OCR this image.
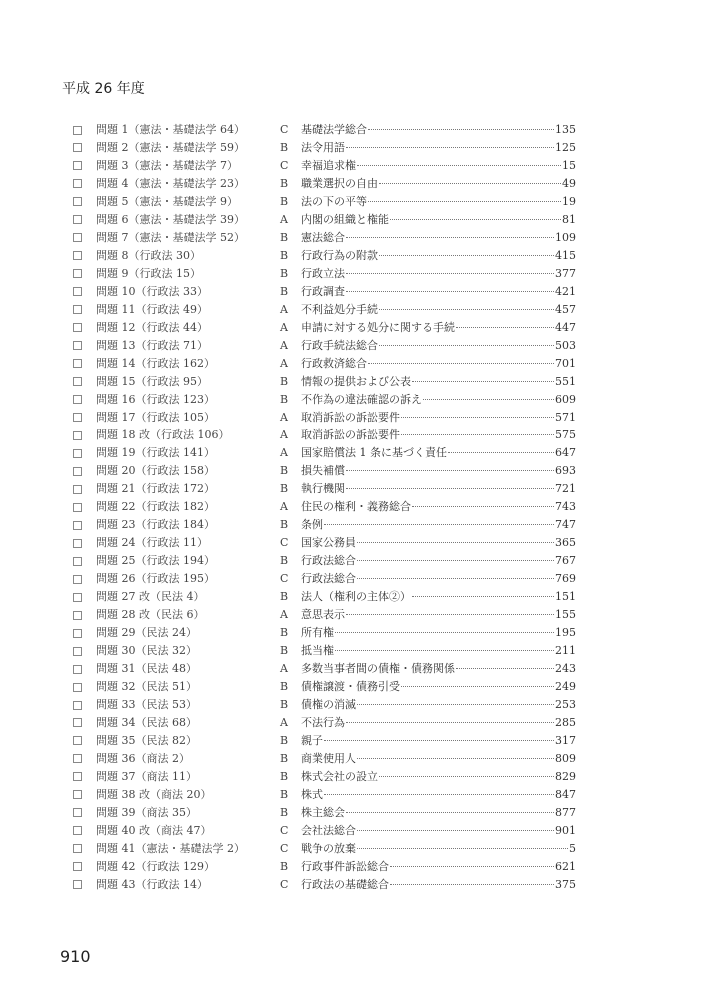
平成 26 年度
問題 1（憲法・基礎法学 64）	C 基礎法学総合	135
問題 2（憲法・基礎法学 59）	B 法令用語	125
問題 3（憲法・基礎法学 7）	C 幸福追求権	15
問題 4（憲法・基礎法学 23）	B 職業選択の自由	49
問題 5（憲法・基礎法学 9）	B 法の下の平等	19
問題 6（憲法・基礎法学 39）	A 内閣の組織と権能	81
問題 7（憲法・基礎法学 52）	B 憲法総合	109
問題 8（行政法 30）	B 行政行為の附款	415
問題 9（行政法 15）	B 行政立法	377
問題 10（行政法 33）	B 行政調査	421
問題 11（行政法 49）	A 不利益処分手続	457
問題 12（行政法 44）	A 申請に対する処分に関する手続	447
問題 13（行政法 71）	A 行政手続法総合	503
問題 14（行政法 162）	A 行政救済総合	701
問題 15（行政法 95）	B 情報の提供および公表	551
問題 16（行政法 123）	B 不作為の違法確認の訴え	609
問題 17（行政法 105）	A 取消訴訟の訴訟要件	571
問題 18 改（行政法 106）	A 取消訴訟の訴訟要件	575
問題 19（行政法 141）	A 国家賠償法 1 条に基づく責任	647
問題 20（行政法 158）	B 損失補償	693
問題 21（行政法 172）	B 執行機関	721
問題 22（行政法 182）	A 住民の権利・義務総合	743
問題 23（行政法 184）	B 条例	747
問題 24（行政法 11）	C 国家公務員	365
問題 25（行政法 194）	B 行政法総合	767
問題 26（行政法 195）	C 行政法総合	769
問題 27 改（民法 4）	B 法人（権利の主体②）	151
問題 28 改（民法 6）	A 意思表示	155
問題 29（民法 24）	B 所有権	195
問題 30（民法 32）	B 抵当権	211
問題 31（民法 48）	A 多数当事者間の債権・債務関係	243
問題 32（民法 51）	B 債権譲渡・債務引受	249
問題 33（民法 53）	B 債権の消滅	253
問題 34（民法 68）	A 不法行為	285
問題 35（民法 82）	B 親子	317
問題 36（商法 2）	B 商業使用人	809
問題 37（商法 11）	B 株式会社の設立	829
問題 38 改（商法 20）	B 株式	847
問題 39（商法 35）	B 株主総会	877
問題 40 改（商法 47）	C 会社法総合	901
問題 41（憲法・基礎法学 2）	C 戦争の放棄	5
問題 42（行政法 129）	B 行政事件訴訟総合	621
問題 43（行政法 14）	C 行政法の基礎総合	375
910
